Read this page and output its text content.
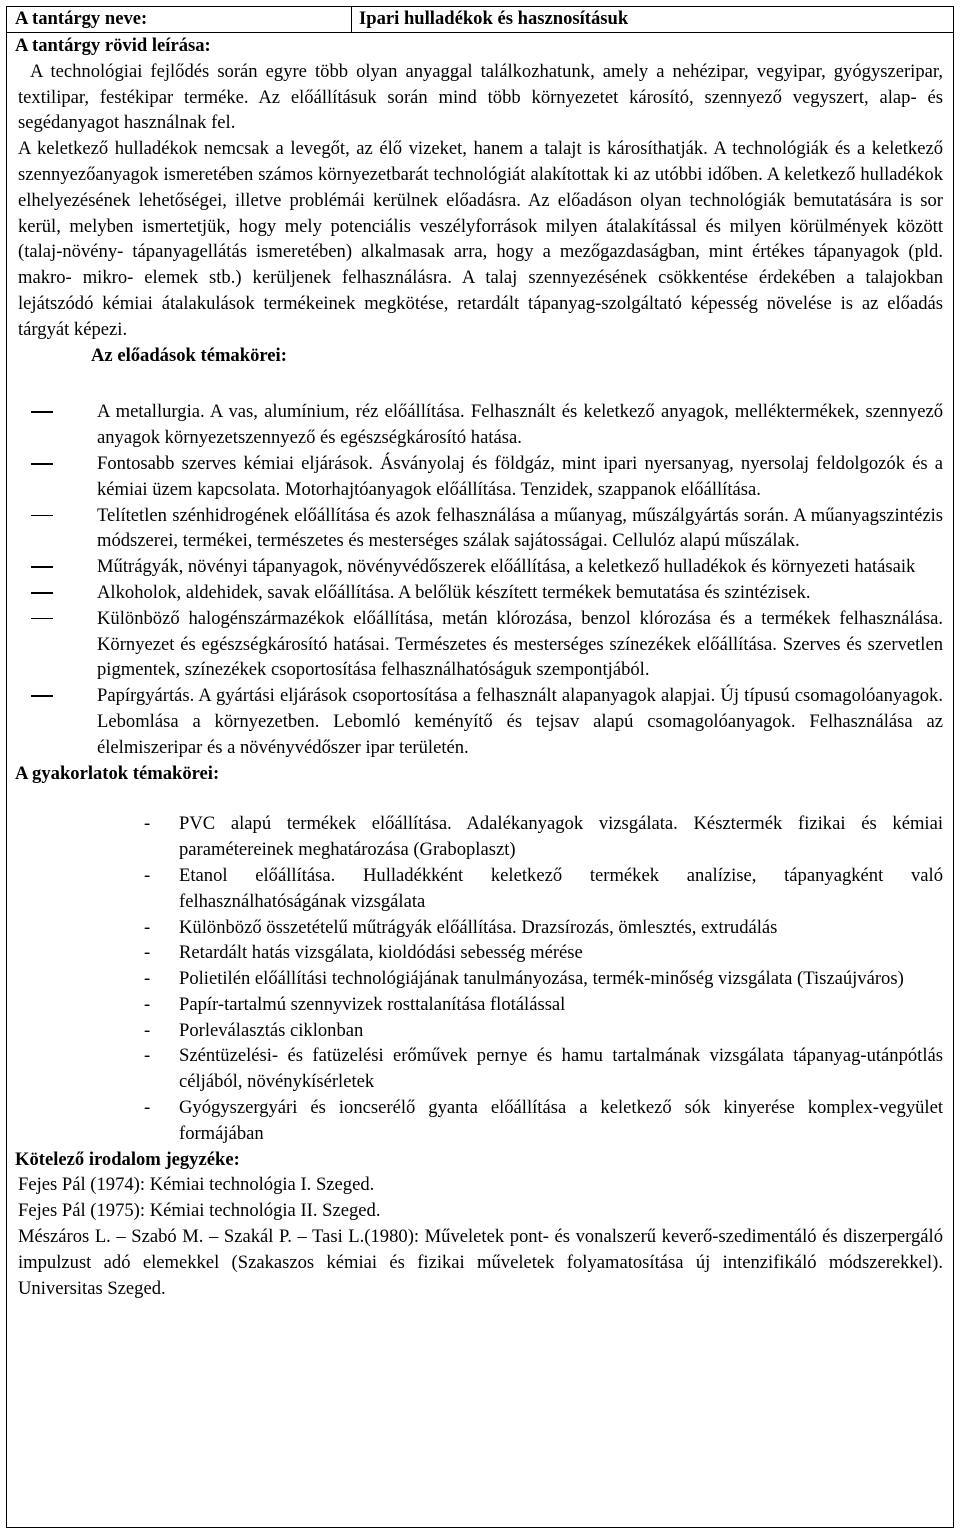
A tantárgy neve:	Ipari hulladékok és hasznosításuk
A tantárgy rövid leírása:

A technológiai fejlődés során egyre több olyan anyaggal találkozhatunk, amely a nehézipar, vegyipar, gyógyszeripar, textilipar, festékipar terméke. Az előállításuk során mind több környezetet károsító, szennyező vegyszert, alap- és segédanyagot használnak fel.

A keletkező hulladékok nemcsak a levegőt, az élő vizeket, hanem a talajt is károsíthatják. A technológiák és a keletkező szennyezőanyagok ismeretében számos környezetbarát technológiát alakítottak ki az utóbbi időben. A keletkező hulladékok elhelyezésének lehetőségei, illetve problémái kerülnek előadásra. Az előadáson olyan technológiák bemutatására is sor kerül, melyben ismertetjük, hogy mely potenciális veszélyforrások milyen átalakítással és milyen körülmények között (talaj-növény- tápanyagellátás ismeretében) alkalmasak arra, hogy a mezőgazdaságban, mint értékes tápanyagok (pld. makro- mikro- elemek stb.) kerüljenek felhasználásra. A talaj szennyezésének csökkentése érdekében a talajokban lejátszódó kémiai átalakulások termékeinek megkötése, retardált tápanyag-szolgáltató képesség növelése is az előadás tárgyát képezi.

Az előadások témakörei:
A metallurgia. A vas, alumínium, réz előállítása. Felhasznált és keletkező anyagok, melléktermékek, szennyező anyagok környezetszennyező és egészségkárosító hatása.
Fontosabb szerves kémiai eljárások. Ásványolaj és földgáz, mint ipari nyersanyag, nyersolaj feldolgozók és a kémiai üzem kapcsolata. Motorhajtóanyagok előállítása. Tenzidek, szappanok előállítása.
Telítetlen szénhidrogének előállítása és azok felhasználása a műanyag, műszálgyártás során. A műanyagszintézis módszerei, termékei, természetes és mesterséges szálak sajátosságai. Cellulóz alapú műszálak.
Műtrágyák, növényi tápanyagok, növényvédőszerek előállítása, a keletkező hulladékok és környezeti hatásaik
Alkoholok, aldehidek, savak előállítása. A belőlük készített termékek bemutatása és szintézisek.
Különböző halogénszármazékok előállítása, metán klórozása, benzol klórozása és a termékek felhasználása. Környezet és egészségkárosító hatásai. Természetes és mesterséges színezékek előállítása. Szerves és szervetlen pigmentek, színezékek csoportosítása felhasználhatóságuk szempontjából.
Papírgyártás. A gyártási eljárások csoportosítása a felhasznált alapanyagok alapjai. Új típusú csomagolóanyagok. Lebomlása a környezetben. Lebomló keményítő és tejsav alapú csomagolóanyagok. Felhasználása az élelmiszeripar és a növényvédőszer ipar területén.
A gyakorlatok témakörei:
- PVC alapú termékek előállítása. Adalékanyagok vizsgálata. Késztermék fizikai és kémiai paramétereinek meghatározása (Graboplaszt)
- Etanol előállítása. Hulladékként keletkező termékek analízise, tápanyagként való felhasználhatóságának vizsgálata
- Különböző összetételű műtrágyák előállítása. Drazsírozás, ömlesztés, extrudálás
- Retardált hatás vizsgálata, kioldódási sebesség mérése
- Polietilén előállítási technológiájának tanulmányozása, termék-minőség vizsgálata (Tiszaújváros)
- Papír-tartalmú szennyvizek rosttalanítása flotálással
- Porleválasztás ciklonban
- Széntüzelési- és fatüzelési erőművek pernye és hamu tartalmának vizsgálata tápanyag-utánpótlás céljából, növénykísérletek
- Gyógyszergyári és ioncserélő gyanta előállítása a keletkező sók kinyerése komplex-vegyület formájában
Kötelező irodalom jegyzéke:

Fejes Pál (1974): Kémiai technológia I. Szeged.

Fejes Pál (1975): Kémiai technológia II. Szeged.

Mészáros L. – Szabó M. – Szakál P. – Tasi L.(1980): Műveletek pont- és vonalszerű keverő-szedimentáló és diszerpergáló impulzust adó elemekkel (Szakaszos kémiai és fizikai műveletek folyamatosítása új intenzifikáló módszerekkel). Universitas Szeged.
